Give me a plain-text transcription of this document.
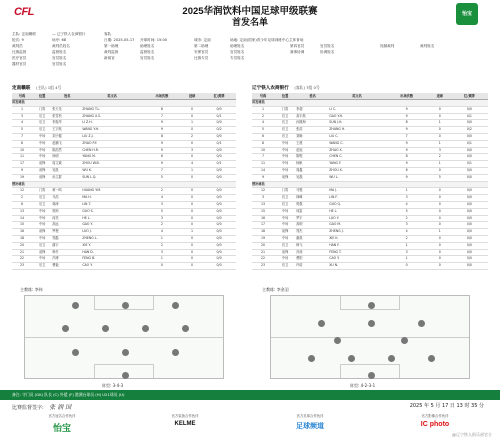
CFL	2025华润饮料中国足球甲级联赛
首发名单
怡宝
主队: 定南赣联	— 辽宁铁人农商银行	客队
轮次: 9	场序: 68	日期: 2025-05-17	开球时间: 15:00	城市: 定南	场地: 定南(国家)青少年足球训练中心主体育场
裁判员	裁判员姓名	第一助理	助理姓名	第二助理	助理姓名	第四官员	官员姓名	视频裁判	裁判姓名
比赛监督	监督姓名	裁判监督	监督姓名	安保官员	官员姓名	赛事协调	协调姓名
医疗官员	官员姓名	新闻官	官员姓名	比赛专员	专员姓名
器材官员	官员姓名
定南赣联 (主队) 1组 4号	辽宁铁人农商银行 (客队) 7组 0号
号码	位置	姓名	英文名	出场次数	进球	红/黄牌
首发球员						
1	门将	张天龙	ZHANG T.L.	8	0	0/0
3	后卫	张雪松	ZHANG X.S.	7	0	0/1
4	后卫	李振华	LI Z.H.	9	1	0/0
5	后卫	王宇航	WANG Y.H.	9	0	0/2
7	中场	刘子健	LIU Z.J.	8	2	0/0
8	中场	赵鹏飞	ZHAO P.F.	9	0	0/1
10	中场	陈浩然	CHEN H.R.	9	3	0/0
11	中场	杨明	YANG M.	6	0	0/0
17	前锋	周文斌	ZHOU W.B.	9	4	0/1
9	前锋	吴凯	WU K.	7	1	0/0
19	前锋	孙立群	SUN L.Q.	5	0	0/0
替补球员						
12	门将	黄一鸣	HUANG Y.M.	2	0	0/0
2	后卫	马浩	MA H.	4	0	0/0
6	后卫	林涛	LIN T.	3	0	0/0
13	中场	郭帅	GUO S.	5	0	0/0
14	中场	何亮	HE L.	3	0	0/0
15	中场	高远	GAO Y.	2	0	0/0
16	前锋	罗俊	LUO J.	4	1	0/0
18	中场	郑磊	ZHENG L.	1	0	0/0
20	后卫	谢宇	XIE Y.	2	0	0/0
21	前锋	韩冬	HAN D.	3	0	0/0
22	中场	冯博	FENG B.	1	0	0/0
23	后卫	曹毅	CAO Y.	0	0	0/0
号码	位置	姓名	英文名	出场次数	进球	红/黄牌
首发球员						
1	门将	李超	LI C.	9	0	0/0
2	后卫	高宇航	GAO Y.H.	9	0	0/1
4	后卫	孙继海	SUN J.H.	8	1	0/0
5	后卫	张浩	ZHANG H.	9	0	0/2
6	后卫	刘畅	LIU C.	7	0	0/0
8	中场	王晨	WANG C.	9	1	0/1
10	中场	赵旭	ZHAO X.	9	3	0/0
7	中场	陈程	CHEN C.	8	2	0/0
11	中场	杨帆	YANG F.	9	1	0/1
14	中场	周鑫	ZHOU X.	6	0	0/0
9	前锋	吴磊	WU L.	9	5	0/0
替补球员						
12	门将	马骏	MA J.	1	0	0/0
3	后卫	林峰	LIN F.	3	0	0/0
13	后卫	郭强	GUO Q.	4	0	0/0
15	中场	何雷	HE L.	5	0	0/0
16	中场	罗宇	LUO Y.	2	0	0/0
17	中场	高明	GAO M.	3	0	0/0
18	前锋	郑杰	ZHENG J.	4	1	0/0
19	中场	谢凯	XIE K.	2	0	0/0
20	后卫	韩飞	HAN F.	1	0	0/0
21	前锋	冯涛	FENG T.	3	0	0/0
22	中场	曹阳	CAO Y.	1	0	0/0
23	后卫	许诺	XU N.	0	0	0/0
主教练: 李伟	主教练: 李金羽
阵型: 3-4-3	阵型: 4-2-3-1
备注: 守门员 (GK) 队长 (C) 外援 (F) 港澳台球员 (H) U21球员 (U)
比赛监督签字: 张 润 国	2025 年 5 月 17 日 13 时 35 分
官方冠名合作伙伴
怡宝
官方装备合作伙伴
KELME
官方足球合作伙伴
足球频道
官方影像合作伙伴
IC photo
@辽宁铁人俱乐部官方
